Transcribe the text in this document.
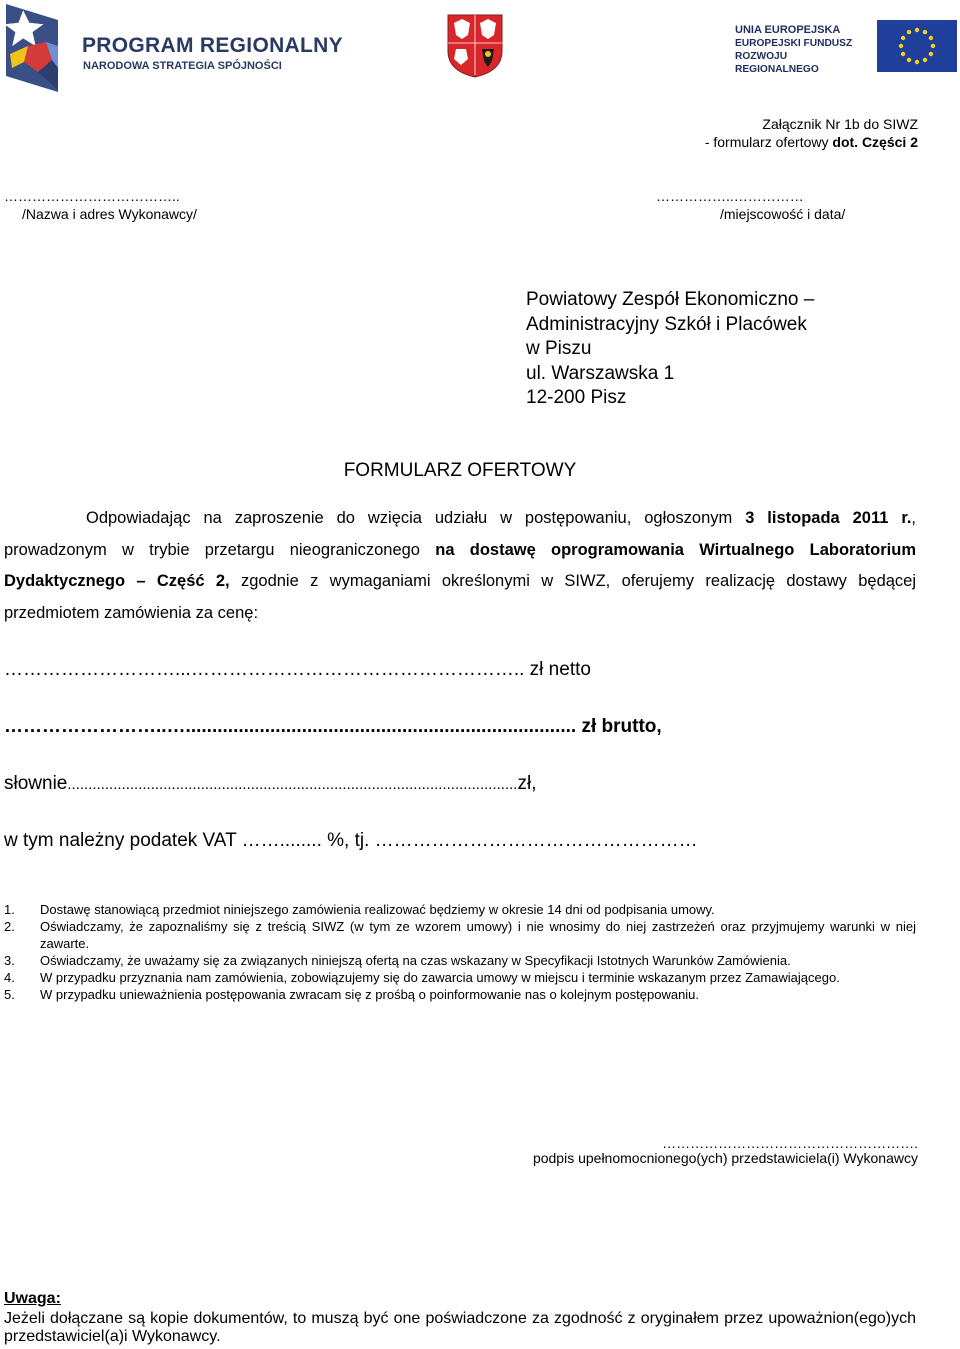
PROGRAM REGIONALNY
NARODOWA STRATEGIA SPÓJNOŚCI
UNIA EUROPEJSKA
EUROPEJSKI FUNDUSZ
ROZWOJU REGIONALNEGO
Załącznik Nr 1b do SIWZ
- formularz ofertowy dot. Części 2
………………………………..
/Nazwa i adres Wykonawcy/
……………..……………
/miejscowość i data/
Powiatowy Zespół Ekonomiczno –
Administracyjny Szkół i Placówek
w Piszu
ul. Warszawska 1
12-200 Pisz
FORMULARZ OFERTOWY
Odpowiadając na zaproszenie do wzięcia udziału w postępowaniu, ogłoszonym 3 listopada 2011 r., prowadzonym w trybie przetargu nieograniczonego na dostawę oprogramowania Wirtualnego Laboratorium Dydaktycznego – Część 2, zgodnie z wymaganiami określonymi w SIWZ, oferujemy realizację dostawy będącej przedmiotem zamówienia za cenę:
………………………...…………………………………………….. zł netto
……………………..….......................................................................... zł brutto,
słownie............................................................................................................zł,
w tym należny podatek VAT ……........ %, tj. ……………………………………………
1.	Dostawę stanowiącą przedmiot niniejszego zamówienia realizować będziemy w okresie 14 dni od podpisania umowy.
2.	Oświadczamy, że zapoznaliśmy się z treścią SIWZ (w tym ze wzorem umowy) i nie wnosimy do niej zastrzeżeń oraz przyjmujemy warunki w niej zawarte.
3.	Oświadczamy, że uważamy się za związanych niniejszą ofertą na czas wskazany w Specyfikacji Istotnych Warunków Zamówienia.
4.	W przypadku przyznania nam zamówienia, zobowiązujemy się do zawarcia umowy w miejscu i terminie wskazanym przez Zamawiającego.
5.	W przypadku unieważnienia postępowania zwracam się z prośbą o poinformowanie nas o kolejnym postępowaniu.
……………………………………………….
podpis upełnomocnionego(ych) przedstawiciela(i) Wykonawcy
Uwaga:
Jeżeli dołączane są kopie dokumentów, to muszą być one poświadczone za zgodność z oryginałem przez upoważnion(ego)ych przedstawiciel(a)i Wykonawcy.
